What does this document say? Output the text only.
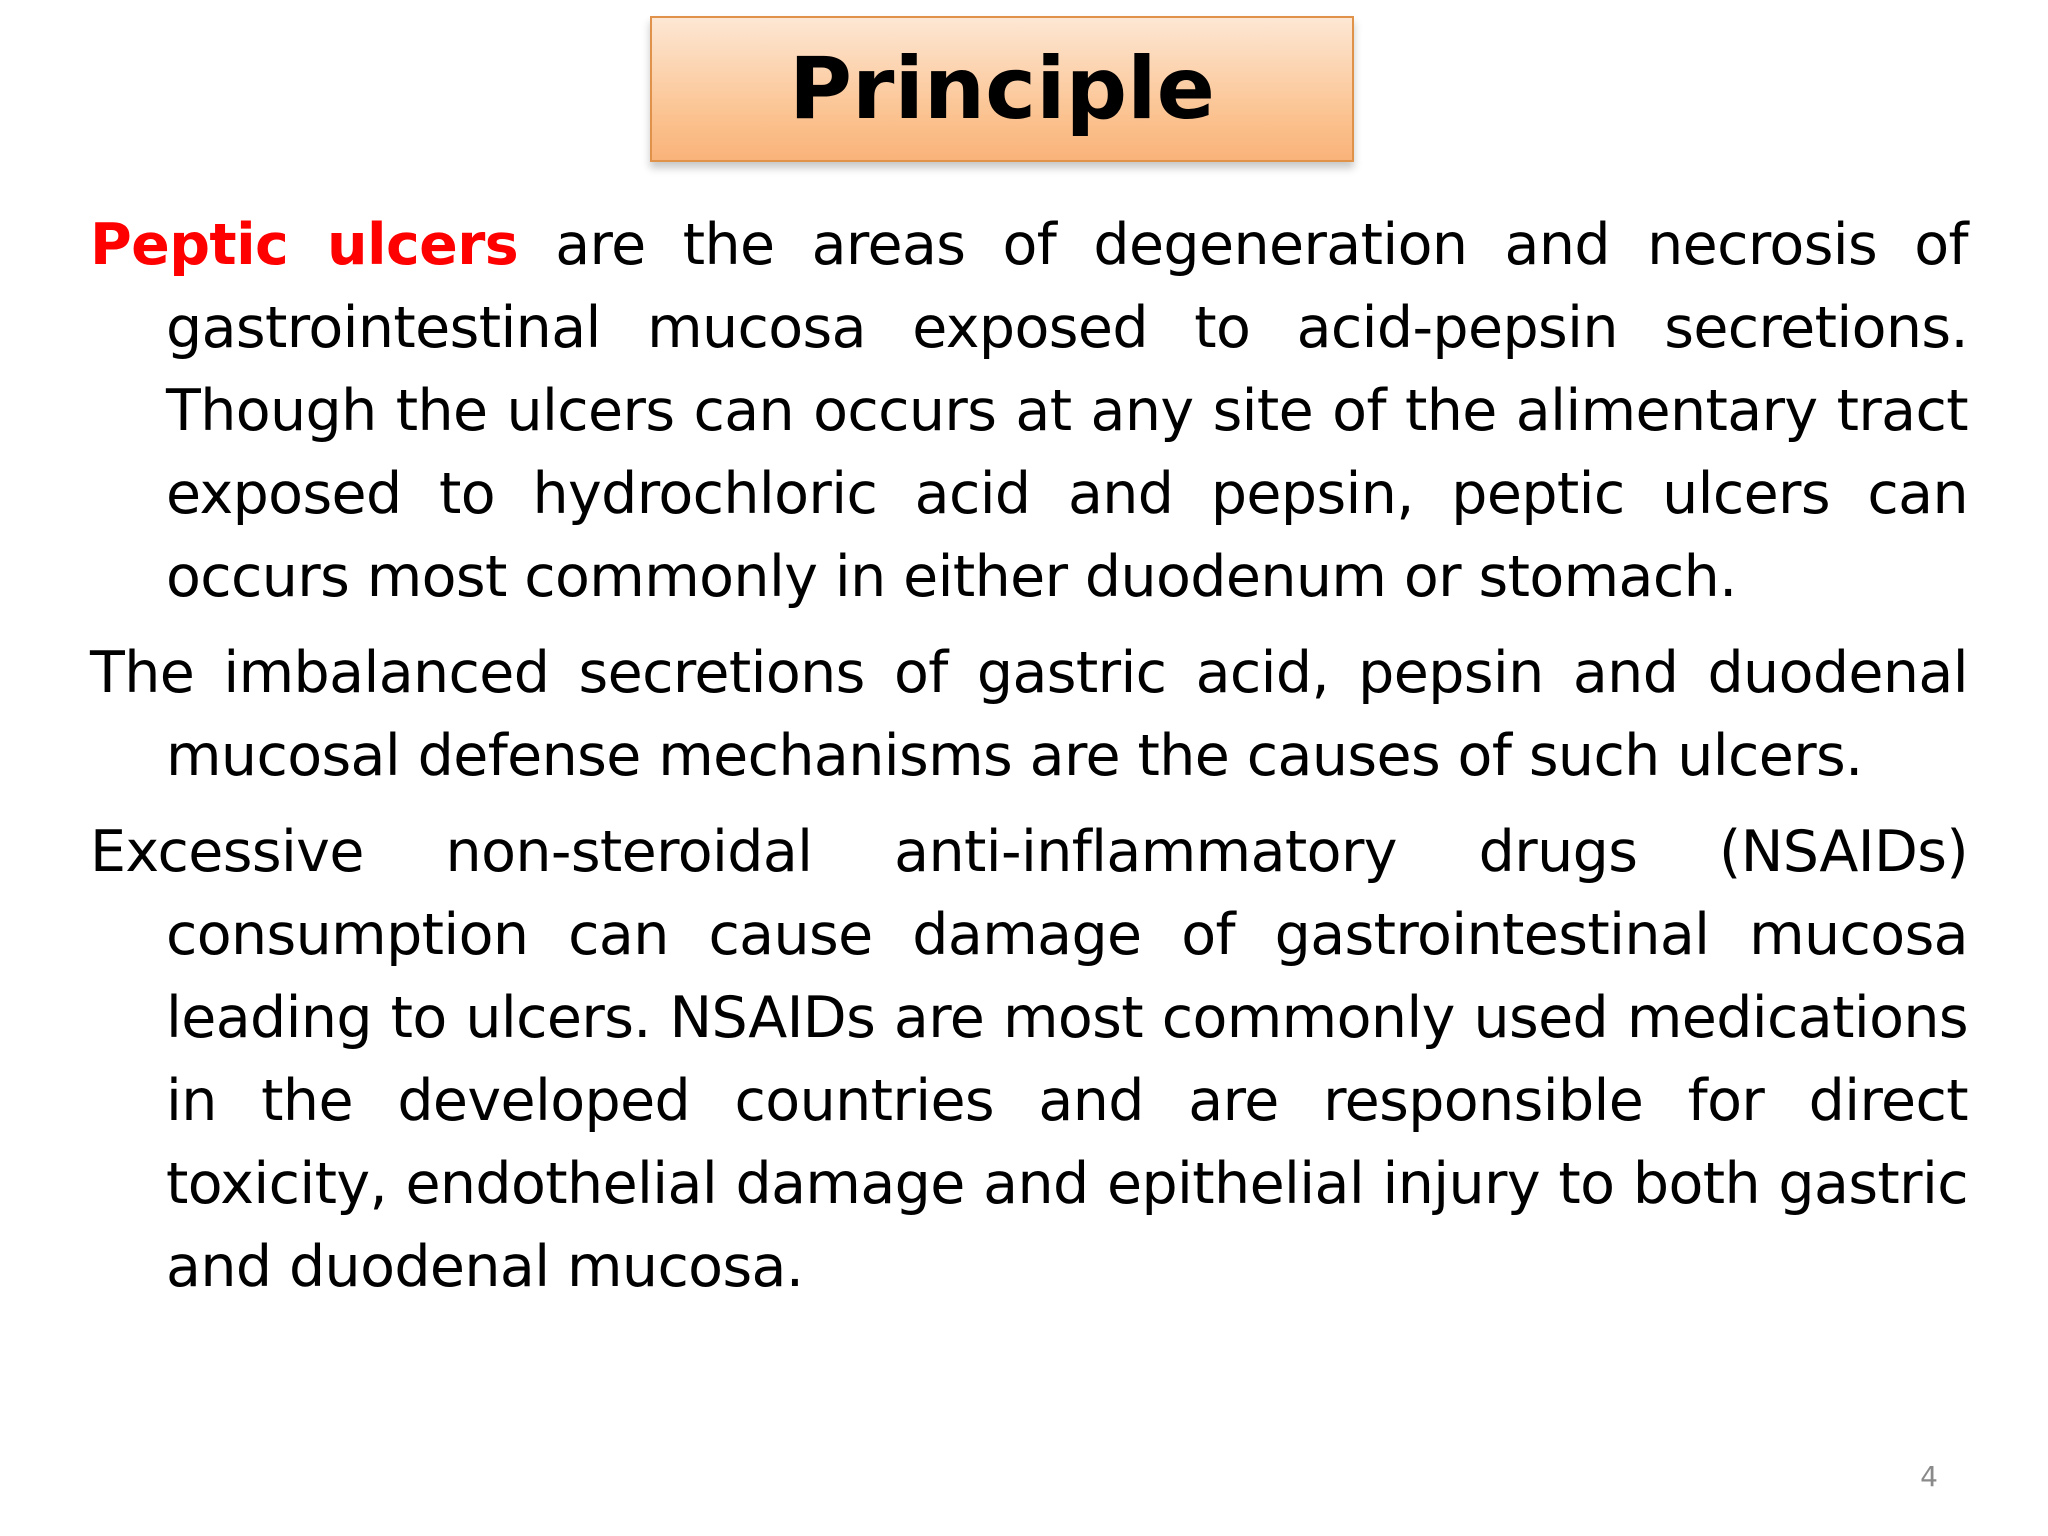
Principle

Peptic ulcers are the areas of degeneration and necrosis of gastrointestinal mucosa exposed to acid-pepsin secretions. Though the ulcers can occurs at any site of the alimentary tract exposed to hydrochloric acid and pepsin, peptic ulcers can occurs most commonly in either duodenum or stomach.

The imbalanced secretions of gastric acid, pepsin and duodenal mucosal defense mechanisms are the causes of such ulcers.

Excessive non-steroidal anti-inflammatory drugs (NSAIDs) consumption can cause damage of gastrointestinal mucosa leading to ulcers. NSAIDs are most commonly used medications in the developed countries and are responsible for direct toxicity, endothelial damage and epithelial injury to both gastric and duodenal mucosa.

4
